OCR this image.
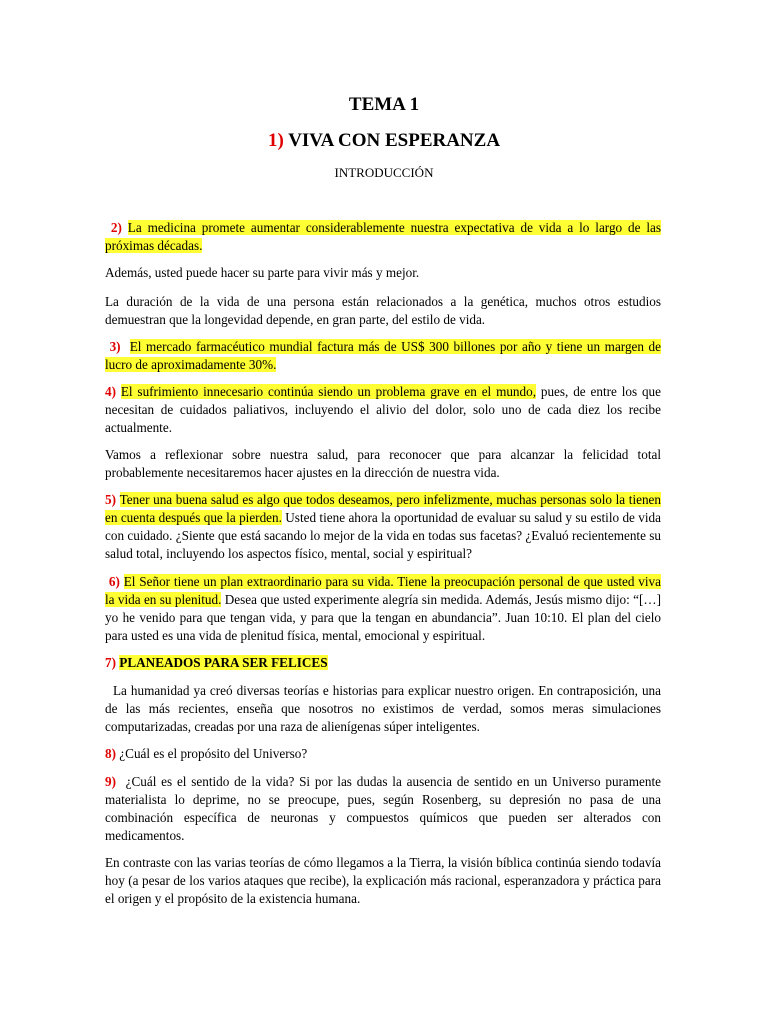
TEMA 1
1) VIVA CON ESPERANZA

INTRODUCCIÓN

2) La medicina promete aumentar considerablemente nuestra expectativa de vida a lo largo de las próximas décadas.

Además, usted puede hacer su parte para vivir más y mejor.

La duración de la vida de una persona están relacionados a la genética, muchos otros estudios demuestran que la longevidad depende, en gran parte, del estilo de vida.

3) El mercado farmacéutico mundial factura más de US$ 300 billones por año y tiene un margen de lucro de aproximadamente 30%.

4) El sufrimiento innecesario continúa siendo un problema grave en el mundo, pues, de entre los que necesitan de cuidados paliativos, incluyendo el alivio del dolor, solo uno de cada diez los recibe actualmente.

Vamos a reflexionar sobre nuestra salud, para reconocer que para alcanzar la felicidad total probablemente necesitaremos hacer ajustes en la dirección de nuestra vida.

5) Tener una buena salud es algo que todos deseamos, pero infelizmente, muchas personas solo la tienen en cuenta después que la pierden. Usted tiene ahora la oportunidad de evaluar su salud y su estilo de vida con cuidado. ¿Siente que está sacando lo mejor de la vida en todas sus facetas? ¿Evaluó recientemente su salud total, incluyendo los aspectos físico, mental, social y espiritual?

6) El Señor tiene un plan extraordinario para su vida. Tiene la preocupación personal de que usted viva la vida en su plenitud. Desea que usted experimente alegría sin medida. Además, Jesús mismo dijo: “[…] yo he venido para que tengan vida, y para que la tengan en abundancia”. Juan 10:10. El plan del cielo para usted es una vida de plenitud física, mental, emocional y espiritual.

7) PLANEADOS PARA SER FELICES

La humanidad ya creó diversas teorías e historias para explicar nuestro origen. En contraposición, una de las más recientes, enseña que nosotros no existimos de verdad, somos meras simulaciones computarizadas, creadas por una raza de alienígenas súper inteligentes.

8) ¿Cuál es el propósito del Universo?

9) ¿Cuál es el sentido de la vida? Si por las dudas la ausencia de sentido en un Universo puramente materialista lo deprime, no se preocupe, pues, según Rosenberg, su depresión no pasa de una combinación específica de neuronas y compuestos químicos que pueden ser alterados con medicamentos.

En contraste con las varias teorías de cómo llegamos a la Tierra, la visión bíblica continúa siendo todavía hoy (a pesar de los varios ataques que recibe), la explicación más racional, esperanzadora y práctica para el origen y el propósito de la existencia humana.
